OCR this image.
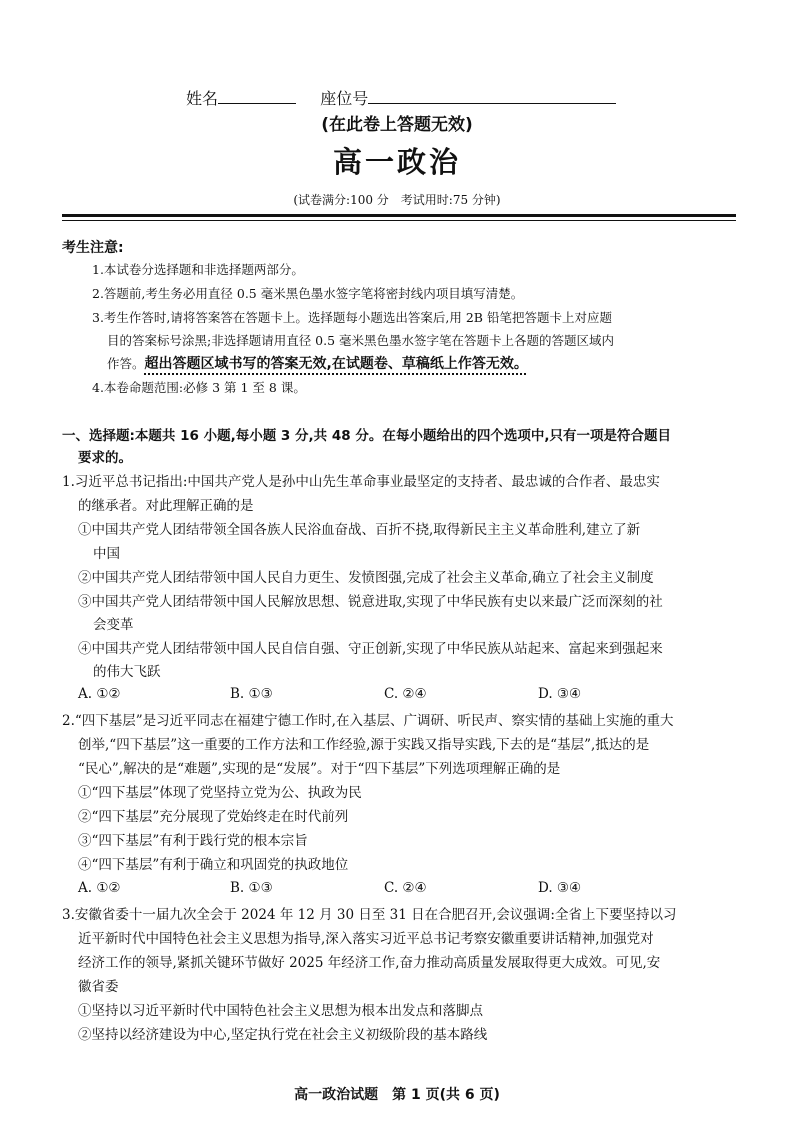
姓名	座位号
(在此卷上答题无效)
高一政治
(试卷满分:100 分　考试用时:75 分钟)
考生注意:
1.本试卷分选择题和非选择题两部分。
2.答题前,考生务必用直径 0.5 毫米黑色墨水签字笔将密封线内项目填写清楚。
3.考生作答时,请将答案答在答题卡上。选择题每小题选出答案后,用 2B 铅笔把答题卡上对应题
目的答案标号涂黑;非选择题请用直径 0.5 毫米黑色墨水签字笔在答题卡上各题的答题区域内
作答。超出答题区域书写的答案无效,在试题卷、草稿纸上作答无效。
4.本卷命题范围:必修 3 第 1 至 8 课。
一、选择题:本题共 16 小题,每小题 3 分,共 48 分。在每小题给出的四个选项中,只有一项是符合题目
要求的。
1.习近平总书记指出:中国共产党人是孙中山先生革命事业最坚定的支持者、最忠诚的合作者、最忠实
的继承者。对此理解正确的是
①中国共产党人团结带领全国各族人民浴血奋战、百折不挠,取得新民主主义革命胜利,建立了新
中国
②中国共产党人团结带领中国人民自力更生、发愤图强,完成了社会主义革命,确立了社会主义制度
③中国共产党人团结带领中国人民解放思想、锐意进取,实现了中华民族有史以来最广泛而深刻的社
会变革
④中国共产党人团结带领中国人民自信自强、守正创新,实现了中华民族从站起来、富起来到强起来
的伟大飞跃
A. ①②	B. ①③	C. ②④	D. ③④
2.“四下基层”是习近平同志在福建宁德工作时,在入基层、广调研、听民声、察实情的基础上实施的重大
创举,“四下基层”这一重要的工作方法和工作经验,源于实践又指导实践,下去的是“基层”,抵达的是
“民心”,解决的是“难题”,实现的是“发展”。对于“四下基层”下列选项理解正确的是
①“四下基层”体现了党坚持立党为公、执政为民
②“四下基层”充分展现了党始终走在时代前列
③“四下基层”有利于践行党的根本宗旨
④“四下基层”有利于确立和巩固党的执政地位
A. ①②	B. ①③	C. ②④	D. ③④
3.安徽省委十一届九次全会于 2024 年 12 月 30 日至 31 日在合肥召开,会议强调:全省上下要坚持以习
近平新时代中国特色社会主义思想为指导,深入落实习近平总书记考察安徽重要讲话精神,加强党对
经济工作的领导,紧抓关键环节做好 2025 年经济工作,奋力推动高质量发展取得更大成效。可见,安
徽省委
①坚持以习近平新时代中国特色社会主义思想为根本出发点和落脚点
②坚持以经济建设为中心,坚定执行党在社会主义初级阶段的基本路线
高一政治试题　第 1 页(共 6 页)
